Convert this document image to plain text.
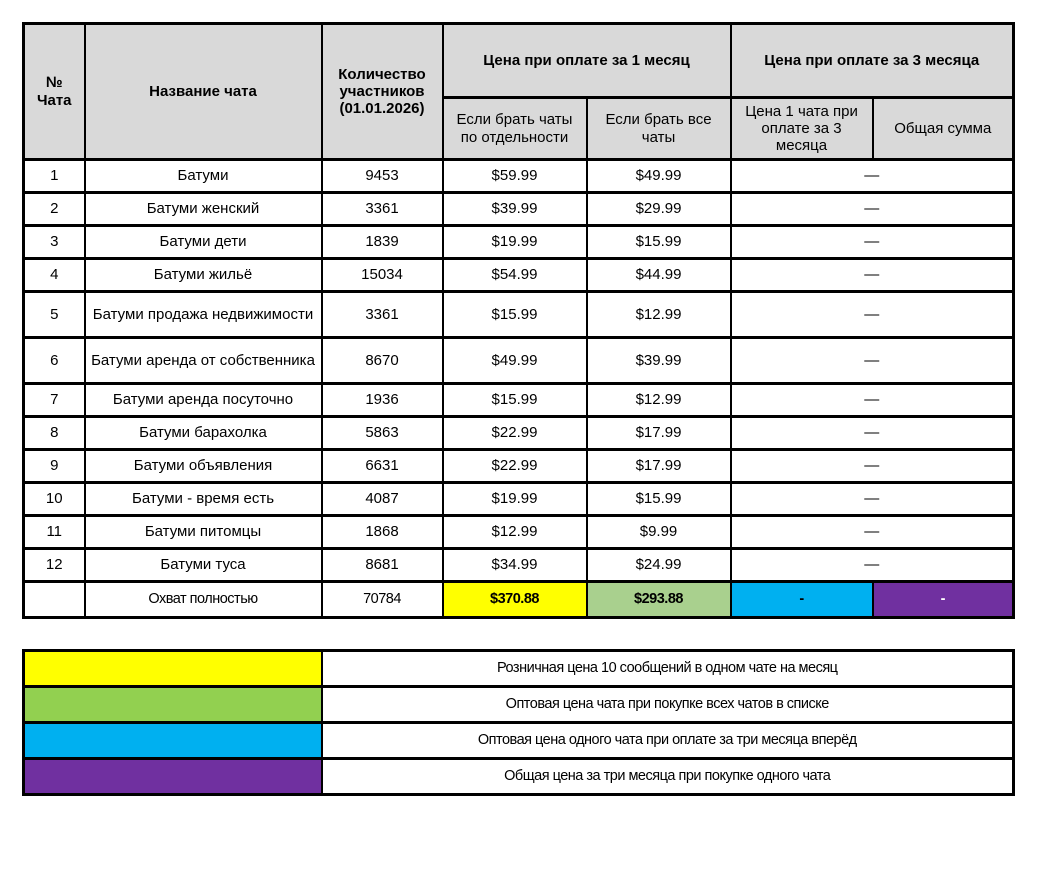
№ Чата	Название чата	Количество участников (01.01.2026)	Цена при оплате за 1 месяц		Цена при оплате за 3 месяца	
			Если брать чаты по отдельности	Если брать все чаты	Цена 1 чата при оплате за 3 месяца	Общая сумма
1	Батуми	9453	$59.99	$49.99	—	
2	Батуми женский	3361	$39.99	$29.99	—	
3	Батуми дети	1839	$19.99	$15.99	—	
4	Батуми жильё	15034	$54.99	$44.99	—	
5	Батуми продажа недвижимости	3361	$15.99	$12.99	—	
6	Батуми аренда от собственника	8670	$49.99	$39.99	—	
7	Батуми аренда посуточно	1936	$15.99	$12.99	—	
8	Батуми барахолка	5863	$22.99	$17.99	—	
9	Батуми объявления	6631	$22.99	$17.99	—	
10	Батуми - время есть	4087	$19.99	$15.99	—	
11	Батуми питомцы	1868	$12.99	$9.99	—	
12	Батуми туса	8681	$34.99	$24.99	—	
	Охват полностью	70784	$370.88	$293.88	-	-
	Розничная цена 10 сообщений в одном чате на месяц
	Оптовая цена чата при покупке всех чатов в списке
	Оптовая цена одного чата при оплате за три месяца вперёд
	Общая цена за три месяца при покупке одного чата
